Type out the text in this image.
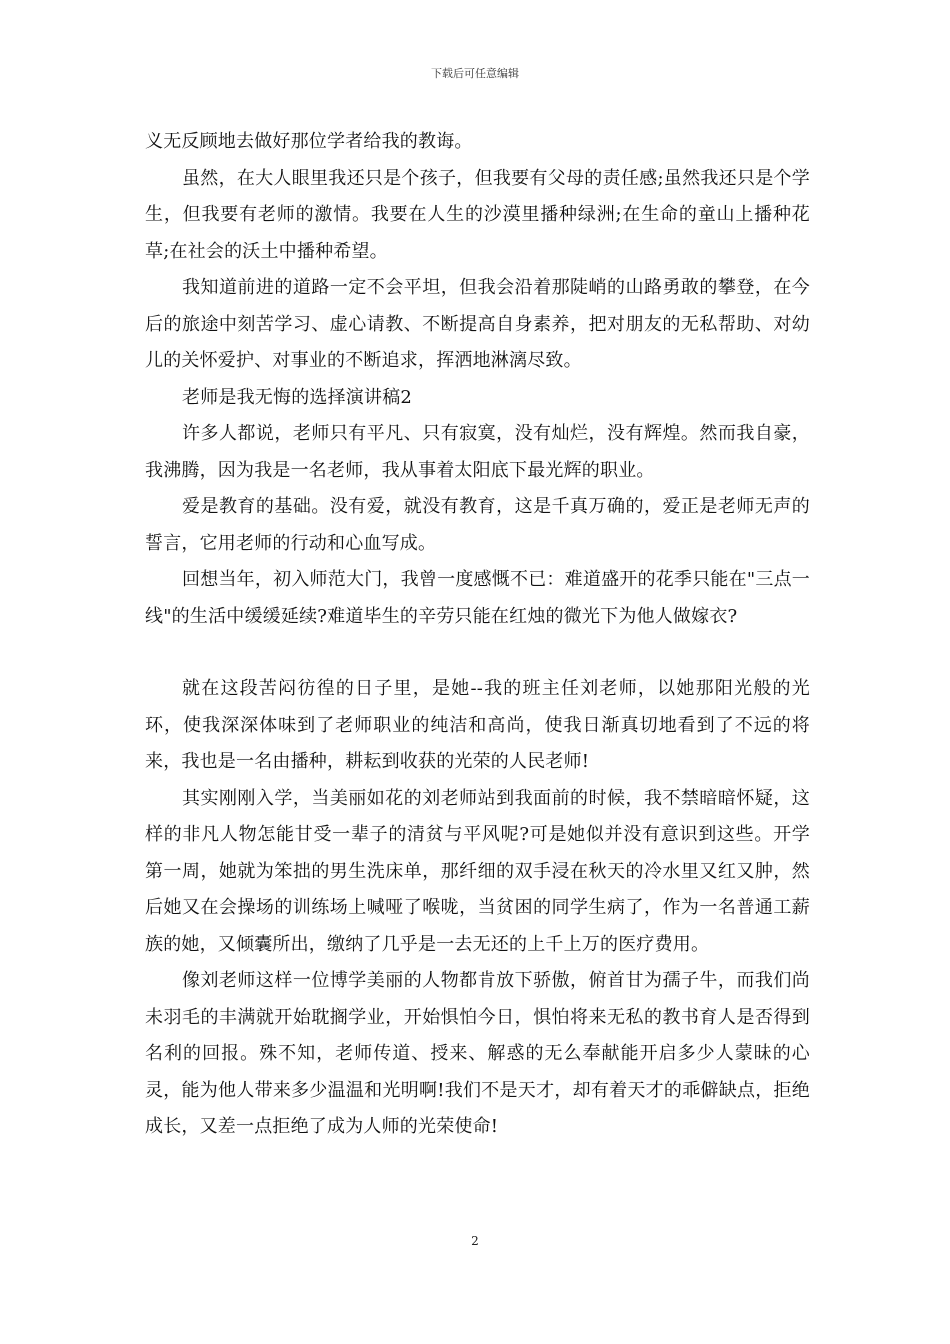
下载后可任意编辑

义无反顾地去做好那位学者给我的教诲。

虽然，在大人眼里我还只是个孩子，但我要有父母的责任感;虽然我还只是个学生，但我要有老师的激情。我要在人生的沙漠里播种绿洲;在生命的童山上播种花草;在社会的沃土中播种希望。

我知道前进的道路一定不会平坦，但我会沿着那陡峭的山路勇敢的攀登，在今后的旅途中刻苦学习、虚心请教、不断提高自身素养，把对朋友的无私帮助、对幼儿的关怀爱护、对事业的不断追求，挥洒地淋漓尽致。

老师是我无悔的选择演讲稿2

许多人都说，老师只有平凡、只有寂寞，没有灿烂，没有辉煌。然而我自豪，我沸腾，因为我是一名老师，我从事着太阳底下最光辉的职业。

爱是教育的基础。没有爱，就没有教育，这是千真万确的，爱正是老师无声的誓言，它用老师的行动和心血写成。

回想当年，初入师范大门，我曾一度感慨不已：难道盛开的花季只能在"三点一线"的生活中缓缓延续?难道毕生的辛劳只能在红烛的微光下为他人做嫁衣?

就在这段苦闷彷徨的日子里，是她--我的班主任刘老师，以她那阳光般的光环，使我深深体味到了老师职业的纯洁和高尚，使我日渐真切地看到了不远的将来，我也是一名由播种，耕耘到收获的光荣的人民老师!

其实刚刚入学，当美丽如花的刘老师站到我面前的时候，我不禁暗暗怀疑，这样的非凡人物怎能甘受一辈子的清贫与平风呢?可是她似并没有意识到这些。开学第一周，她就为笨拙的男生洗床单，那纤细的双手浸在秋天的冷水里又红又肿，然后她又在会操场的训练场上喊哑了喉咙，当贫困的同学生病了，作为一名普通工薪族的她，又倾囊所出，缴纳了几乎是一去无还的上千上万的医疗费用。

像刘老师这样一位博学美丽的人物都肯放下骄傲，俯首甘为孺子牛，而我们尚未羽毛的丰满就开始耽搁学业，开始惧怕今日，惧怕将来无私的教书育人是否得到名利的回报。殊不知，老师传道、授来、解惑的无么奉献能开启多少人蒙昧的心灵，能为他人带来多少温温和光明啊!我们不是天才，却有着天才的乖僻缺点，拒绝成长，又差一点拒绝了成为人师的光荣使命!

2
